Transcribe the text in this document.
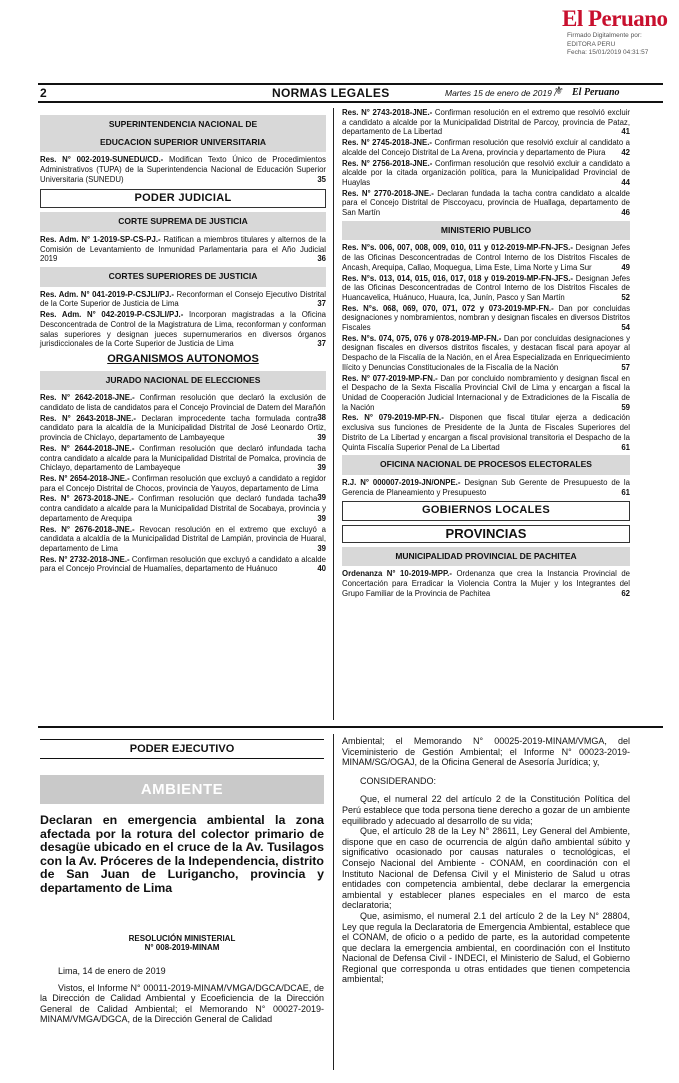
El Peruano
Firmado Digitalmente por:
EDITORA PERU
Fecha: 15/01/2019 04:31:57
2	NORMAS LEGALES	Martes 15 de enero de 2019 /
⚜ El Peruano
SUPERINTENDENCIA NACIONAL DE
EDUCACION SUPERIOR UNIVERSITARIA

Res. N° 002-2019-SUNEDU/CD.- Modifican Texto Único de Procedimientos Administrativos (TUPA) de la Superintendencia Nacional de Educación Superior Universitaria (SUNEDU)	35

PODER JUDICIAL
CORTE SUPREMA DE JUSTICIA

Res. Adm. N° 1-2019-SP-CS-PJ.- Ratifican a miembros titulares y alternos de la Comisión de Levantamiento de Inmunidad Parlamentaria para el Año Judicial 2019	36

CORTES SUPERIORES DE JUSTICIA

Res. Adm. N° 041-2019-P-CSJLI/PJ.- Reconforman el Consejo Ejecutivo Distrital de la Corte Superior de Justicia de Lima	37

Res. Adm. N° 042-2019-P-CSJLI/PJ.- Incorporan magistradas a la Oficina Desconcentrada de Control de la Magistratura de Lima, reconforman y conforman salas superiores y designan jueces supernumerarios en diversos órganos jurisdiccionales de la Corte Superior de Justicia de Lima	37

ORGANISMOS AUTONOMOS
JURADO NACIONAL DE ELECCIONES

Res. N° 2642-2018-JNE.- Confirman resolución que declaró la exclusión de candidato de lista de candidatos para el Concejo Provincial de Datem del Marañón
38

Res. N° 2643-2018-JNE.- Declaran improcedente tacha formulada contra candidato para la alcaldía de la Municipalidad Distrital de José Leonardo Ortiz, provincia de Chiclayo, departamento de Lambayeque	39

Res. N° 2644-2018-JNE.- Confirman resolución que declaró infundada tacha contra candidato a alcalde para la Municipalidad Distrital de Pomalca, provincia de Chiclayo, departamento de Lambayeque	39

Res. N° 2654-2018-JNE.- Confirman resolución que excluyó a candidato a regidor para el Concejo Distrital de Chocos, provincia de Yauyos, departamento de Lima
39

Res. N° 2673-2018-JNE.- Confirman resolución que declaró fundada tacha contra candidato a alcalde para la Municipalidad Distrital de Socabaya, provincia y departamento de Arequipa	39

Res. N° 2676-2018-JNE.- Revocan resolución en el extremo que excluyó a candidata a alcaldía de la Municipalidad Distrital de Lampián, provincia de Huaral, departamento de Lima	39

Res. N° 2732-2018-JNE.- Confirman resolución que excluyó a candidato a alcalde para el Concejo Provincial de Huamalíes, departamento de Huánuco	40

Res. N° 2743-2018-JNE.- Confirman resolución en el extremo que resolvió excluir a candidato a alcalde por la Municipalidad Distrital de Parcoy, provincia de Pataz, departamento de La Libertad	41

Res. N° 2745-2018-JNE.- Confirman resolución que resolvió excluir al candidato a alcalde del Concejo Distrital de La Arena, provincia y departamento de Piura 42

Res. N° 2756-2018-JNE.- Confirman resolución que resolvió excluir a candidato a alcalde por la citada organización política, para la Municipalidad Provincial de Huaylas	44

Res. N° 2770-2018-JNE.- Declaran fundada la tacha contra candidato a alcalde para el Concejo Distrital de Pisccoyacu, provincia de Huallaga, departamento de San Martín	46

MINISTERIO PUBLICO

Res. N°s. 006, 007, 008, 009, 010, 011 y 012-2019-MP-FN-JFS.- Designan Jefes de las Oficinas Desconcentradas de Control Interno de los Distritos Fiscales de Ancash, Arequipa, Callao, Moquegua, Lima Este, Lima Norte y Lima Sur	49

Res. N°s. 013, 014, 015, 016, 017, 018 y 019-2019-MP-FN-JFS.- Designan Jefes de las Oficinas Desconcentradas de Control Interno de los Distritos Fiscales de Huancavelica, Huánuco, Huaura, Ica, Junín, Pasco y San Martín	52

Res. N°s. 068, 069, 070, 071, 072 y 073-2019-MP-FN.- Dan por concluidas designaciones y nombramientos, nombran y designan fiscales en diversos Distritos Fiscales	54

Res. N°s. 074, 075, 076 y 078-2019-MP-FN.- Dan por concluidas designaciones y designan fiscales en diversos distritos fiscales, y destacan fiscal para apoyar al Despacho de la Fiscalía de la Nación, en el Área Especializada en Enriquecimiento Ilícito y Denuncias Constitucionales de la Fiscalía de la Nación	57

Res. N° 077-2019-MP-FN.- Dan por concluido nombramiento y designan fiscal en el Despacho de la Sexta Fiscalía Provincial Civil de Lima y encargan a fiscal la Unidad de Cooperación Judicial Internacional y de Extradiciones de la Fiscalía de la Nación	59

Res. N° 079-2019-MP-FN.- Disponen que fiscal titular ejerza a dedicación exclusiva sus funciones de Presidente de la Junta de Fiscales Superiores del Distrito de La Libertad y encargan a fiscal provisional transitoria el Despacho de la Quinta Fiscalía Superior Penal de La Libertad	61

OFICINA NACIONAL DE PROCESOS ELECTORALES

R.J. N° 000007-2019-JN/ONPE.- Designan Sub Gerente de Presupuesto de la Gerencia de Planeamiento y Presupuesto	61

GOBIERNOS LOCALES
PROVINCIAS
MUNICIPALIDAD PROVINCIAL DE PACHITEA

Ordenanza N° 10-2019-MPP.- Ordenanza que crea la Instancia Provincial de Concertación para Erradicar la Violencia Contra la Mujer y los Integrantes del Grupo Familiar de la Provincia de Pachitea	62

PODER EJECUTIVO
AMBIENTE
Declaran en emergencia ambiental la zona afectada por la rotura del colector primario de desagüe ubicado en el cruce de la Av. Tusilagos con la Av. Próceres de la Independencia, distrito de San Juan de Lurigancho, provincia y departamento de Lima
RESOLUCIÓN MINISTERIAL
N° 008-2019-MINAM

Lima, 14 de enero de 2019

Vistos, el Informe N° 00011-2019-MINAM/VMGA/DGCA/DCAE, de la Dirección de Calidad Ambiental y Ecoeficiencia de la Dirección General de Calidad Ambiental; el Memorando N° 00027-2019-MINAM/VMGA/DGCA, de la Dirección General de Calidad

Ambiental; el Memorando N° 00025-2019-MINAM/VMGA, del Viceministerio de Gestión Ambiental; el Informe N° 00023-2019-MINAM/SG/OGAJ, de la Oficina General de Asesoría Jurídica; y,

CONSIDERANDO:

Que, el numeral 22 del artículo 2 de la Constitución Política del Perú establece que toda persona tiene derecho a gozar de un ambiente equilibrado y adecuado al desarrollo de su vida;

Que, el artículo 28 de la Ley N° 28611, Ley General del Ambiente, dispone que en caso de ocurrencia de algún daño ambiental súbito y significativo ocasionado por causas naturales o tecnológicas, el Consejo Nacional del Ambiente - CONAM, en coordinación con el Instituto Nacional de Defensa Civil y el Ministerio de Salud u otras entidades con competencia ambiental, debe declarar la emergencia ambiental y establecer planes especiales en el marco de esta declaratoria;

Que, asimismo, el numeral 2.1 del artículo 2 de la Ley N° 28804, Ley que regula la Declaratoria de Emergencia Ambiental, establece que el CONAM, de oficio o a pedido de parte, es la autoridad competente que declara la emergencia ambiental, en coordinación con el Instituto Nacional de Defensa Civil - INDECI, el Ministerio de Salud, el Gobierno Regional que corresponda u otras entidades que tienen competencia ambiental;
